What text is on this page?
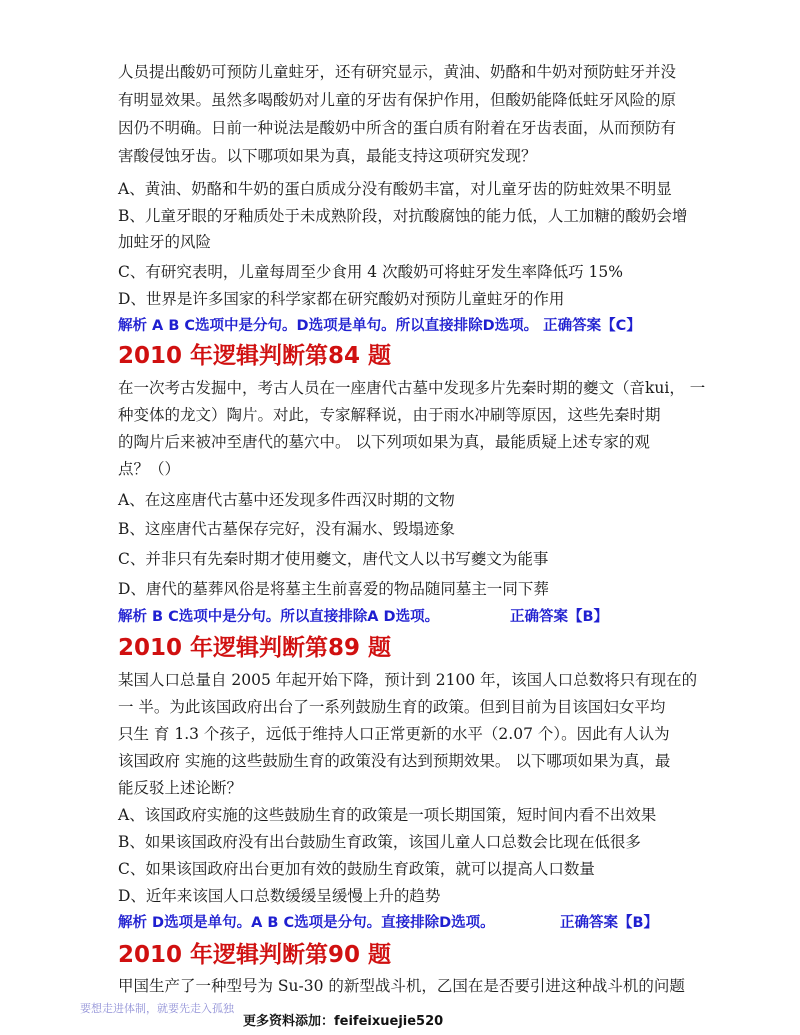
人员提出酸奶可预防儿童蛀牙，还有研究显示，黄油、奶酪和牛奶对预防蛀牙并没
有明显效果。虽然多喝酸奶对儿童的牙齿有保护作用，但酸奶能降低蛀牙风险的原
因仍不明确。日前一种说法是酸奶中所含的蛋白质有附着在牙齿表面，从而预防有
害酸侵蚀牙齿。以下哪项如果为真，最能支持这项研究发现？
A、黄油、奶酪和牛奶的蛋白质成分没有酸奶丰富，对儿童牙齿的防蛀效果不明显
B、儿童牙眼的牙釉质处于未成熟阶段，对抗酸腐蚀的能力低，人工加糖的酸奶会增
加蛀牙的风险
C、有研究表明，儿童每周至少食用 4 次酸奶可将蛀牙发生率降低巧 15%
D、世界是许多国家的科学家都在研究酸奶对预防儿童蛀牙的作用
解析 A B C选项中是分句。D选项是单句。所以直接排除D选项。 正确答案【C】
2010 年逻辑判断第84 题
在一次考古发掘中，考古人员在一座唐代古墓中发现多片先秦时期的夔文（音kui， 一
种变体的龙文）陶片。对此，专家解释说，由于雨水冲刷等原因，这些先秦时期
的陶片后来被冲至唐代的墓穴中。 以下列项如果为真，最能质疑上述专家的观
点？（）
A、在这座唐代古墓中还发现多件西汉时期的文物
B、这座唐代古墓保存完好，没有漏水、毁塌迹象
C、并非只有先秦时期才使用夔文，唐代文人以书写夔文为能事
D、唐代的墓葬风俗是将墓主生前喜爱的物品随同墓主一同下葬
解析 B C选项中是分句。所以直接排除A D选项。	正确答案【B】
2010 年逻辑判断第89 题
某国人口总量自 2005 年起开始下降，预计到 2100 年，该国人口总数将只有现在的
一 半。为此该国政府出台了一系列鼓励生育的政策。但到目前为目该国妇女平均
只生 育 1.3 个孩子，远低于维持人口正常更新的水平（2.07 个）。因此有人认为
该国政府 实施的这些鼓励生育的政策没有达到预期效果。 以下哪项如果为真，最
能反驳上述论断？
A、该国政府实施的这些鼓励生育的政策是一项长期国策，短时间内看不出效果
B、如果该国政府没有出台鼓励生育政策，该国儿童人口总数会比现在低很多
C、如果该国政府出台更加有效的鼓励生育政策，就可以提高人口数量
D、近年来该国人口总数缓缓呈缓慢上升的趋势
解析 D选项是单句。A B C选项是分句。直接排除D选项。	正确答案【B】
2010 年逻辑判断第90 题
甲国生产了一种型号为 Su-30 的新型战斗机，乙国在是否要引进这种战斗机的问题
要想走进体制，就要先走入孤独
更多资料添加：feifeixuejie520
